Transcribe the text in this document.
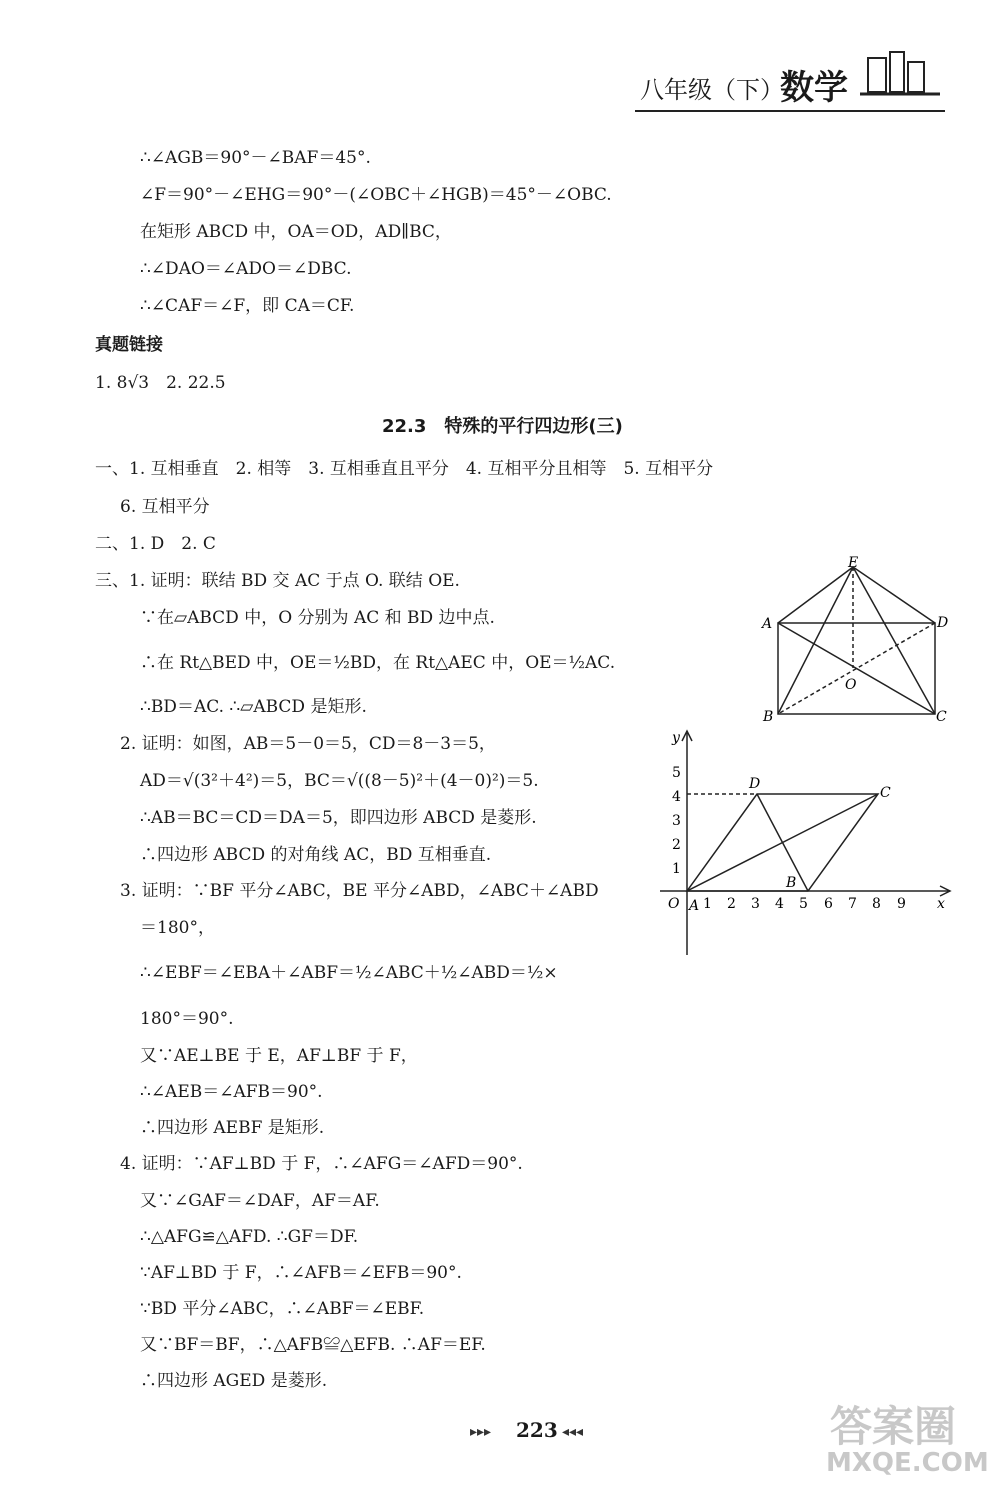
八年级（下）
数学
∴∠AGB＝90°－∠BAF＝45°.
∠F＝90°－∠EHG＝90°－(∠OBC＋∠HGB)＝45°－∠OBC.
在矩形 ABCD 中，OA＝OD，AD∥BC，
∴∠DAO＝∠ADO＝∠DBC.
∴∠CAF＝∠F，即 CA＝CF.
真题链接
1. 8√3　2. 22.5
22.3　特殊的平行四边形(三)
一、1. 互相垂直　2. 相等　3. 互相垂直且平分　4. 互相平分且相等　5. 互相平分
6. 互相平分
二、1. D　2. C
三、1. 证明：联结 BD 交 AC 于点 O. 联结 OE.
∵在▱ABCD 中，O 分别为 AC 和 BD 边中点.
∴在 Rt△BED 中，OE＝½BD，在 Rt△AEC 中，OE＝½AC.
∴BD＝AC. ∴▱ABCD 是矩形.
2. 证明：如图，AB＝5－0＝5，CD＝8－3＝5，
AD＝√(3²＋4²)＝5，BC＝√((8－5)²＋(4－0)²)＝5.
∴AB＝BC＝CD＝DA＝5，即四边形 ABCD 是菱形.
∴四边形 ABCD 的对角线 AC，BD 互相垂直.
3. 证明：∵BF 平分∠ABC，BE 平分∠ABD，∠ABC＋∠ABD
＝180°，
∴∠EBF＝∠EBA＋∠ABF＝½∠ABC＋½∠ABD＝½×
180°＝90°.
又∵AE⊥BE 于 E，AF⊥BF 于 F，
∴∠AEB＝∠AFB＝90°.
∴四边形 AEBF 是矩形.
4. 证明：∵AF⊥BD 于 F，∴∠AFG＝∠AFD＝90°.
又∵∠GAF＝∠DAF，AF＝AF.
∴△AFG≌△AFD. ∴GF＝DF.
∵AF⊥BD 于 F，∴∠AFB＝∠EFB＝90°.
∵BD 平分∠ABC，∴∠ABF＝∠EBF.
又∵BF＝BF，∴△AFB≌△EFB. ∴AF＝EF.
∴四边形 AGED 是菱形.
E
A	D
O
B	C
y
x
O 1 2 3 4 5 6 7 8 9
1
2
3
4
5
A
B
C
D
▸▸▸ 223 ◂◂◂	答案圈
MXQE.COM
